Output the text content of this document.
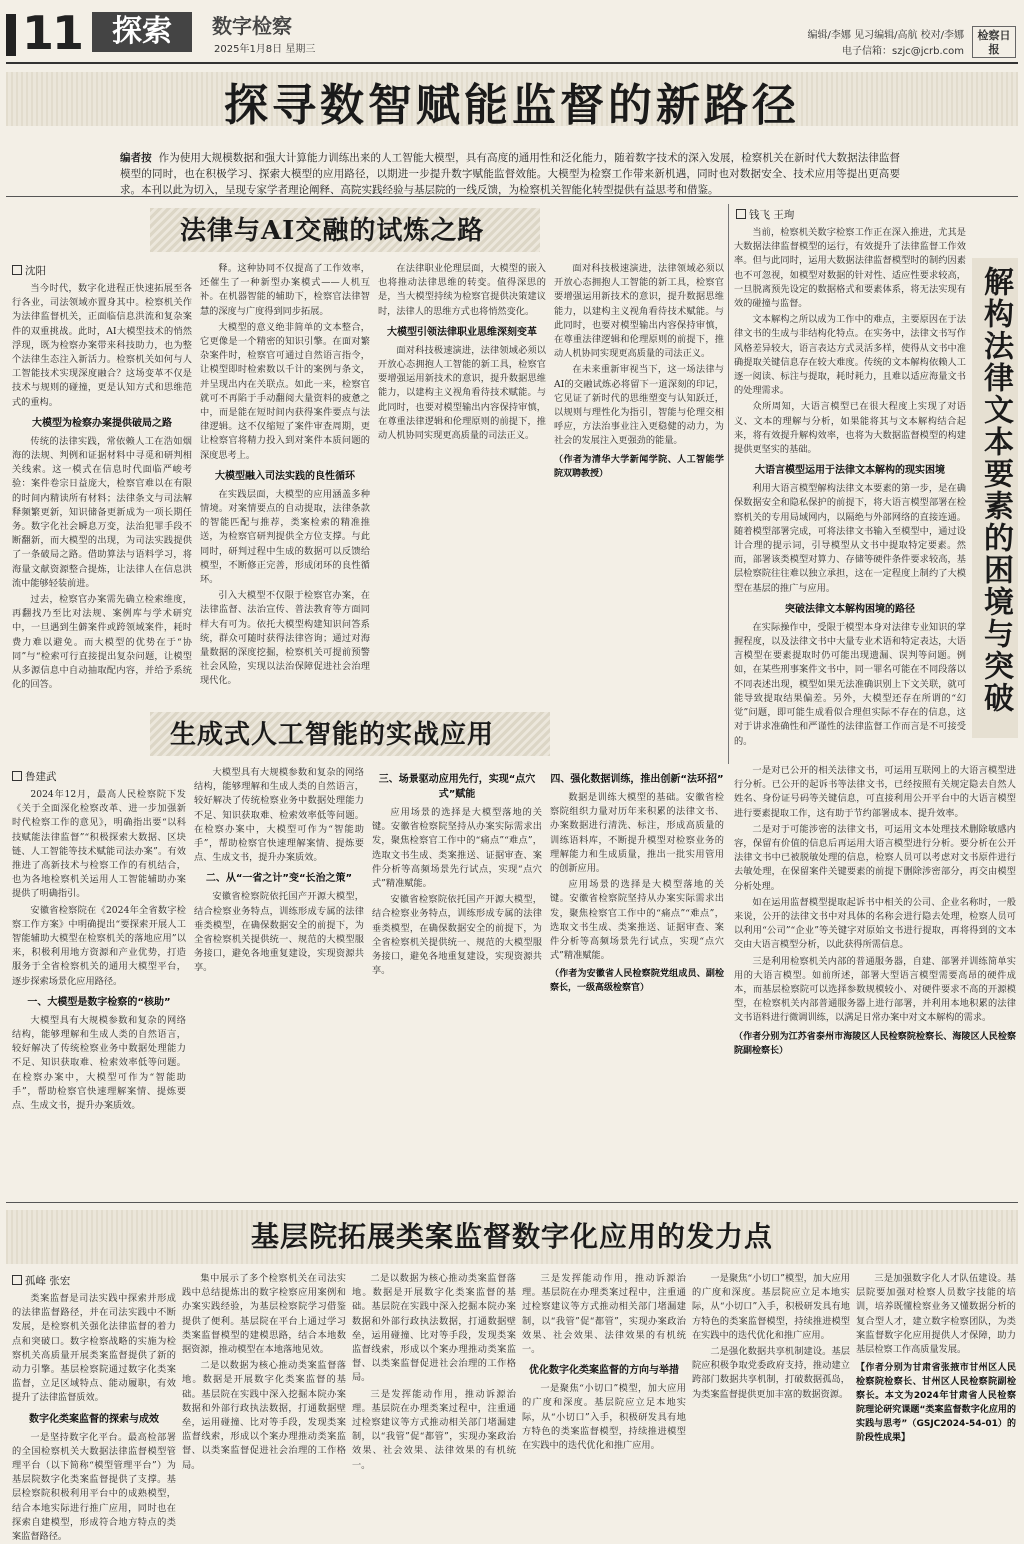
11 探索	数字检察
2025年1月8日 星期三
编辑/李娜 见习编辑/高航 校对/李娜
电子信箱：szjc@jcrb.com
检察日报
探寻数智赋能监督的新路径
编者按 作为使用大规模数据和强大计算能力训练出来的人工智能大模型，具有高度的通用性和泛化能力，随着数字技术的深入发展，检察机关在新时代大数据法律监督模型的同时，也在积极学习、探索大模型的应用路径，以期进一步提升数字赋能监督效能。大模型为检察工作带来新机遇，同时也对数据安全、技术应用等提出更高要求。本刊以此为切入，呈现专家学者理论阐释、高院实践经验与基层院的一线反馈，为检察机关智能化转型提供有益思考和借鉴。
法律与AI交融的试炼之路
沈阳

当今时代，数字化进程正快速拓展至各行各业，司法领域亦置身其中。检察机关作为法律监督机关，正面临信息洪流和复杂案件的双重挑战。此时，AI大模型技术的悄然浮现，既为检察办案带来科技助力，也为整个法律生态注入新活力。检察机关如何与人工智能技术实现深度融合？这场变革不仅是技术与规则的碰撞，更是认知方式和思维范式的重构。

大模型为检察办案提供破局之路

传统的法律实践，常依赖人工在浩如烟海的法规、判例和证据材料中寻觅和研判相关线索。这一模式在信息时代面临严峻考验：案件卷宗日益庞大，检察官难以在有限的时间内精读所有材料；法律条文与司法解释频繁更新，知识储备更新成为一项长期任务。数字化社会瞬息万变，法治犯罪手段不断翻新，而大模型的出现，为司法实践提供了一条破局之路。借助算法与语料学习，将海量文献资源整合提炼，让法律人在信息洪流中能够轻装前进。

过去，检察官办案需先确立检索维度，再翻找乃至比对法规、案例库与学术研究中，一旦遇到生僻案件或跨领域案件，耗时费力难以避免。而大模型的优势在于“协同”与“检索可行直接提出复杂问题，让模型从多源信息中自动抽取配内容，并给予系统化的回答。

释。这种协同不仅提高了工作效率，还催生了一种新型办案模式——人机互补。在机器智能的辅助下，检察官法律智慧的深度与广度得到同步拓展。

大模型的意义绝非简单的文本整合，它更像是一个精密的知识引擎。在面对繁杂案件时，检察官可通过自然语言指令，让模型即时检索数以千计的案例与条文，并呈现出内在关联点。如此一来，检察官就可不再陷于手动翻阅大量资料的疲惫之中，而是能在短时间内获得案件要点与法律逻辑。这不仅缩短了案件审查周期，更让检察官将精力投入到对案件本质问题的深度思考上。

大模型融入司法实践的良性循环

在实践层面，大模型的应用涵盖多种情境。对案情要点的自动提取，法律条款的智能匹配与推荐，类案检索的精准推送，为检察官研判提供全方位支撑。与此同时，研判过程中生成的数据可以反馈给模型，不断修正完善，形成闭环的良性循环。

引入大模型不仅限于检察官办案，在法律监督、法治宣传、普法教育等方面同样大有可为。依托大模型构建知识问答系统，群众可随时获得法律咨询；通过对海量数据的深度挖掘，检察机关可提前预警社会风险，实现以法治保障促进社会治理现代化。

在法律职业伦理层面，大模型的嵌入也将推动法律思维的转变。值得深思的是，当大模型持续为检察官提供决策建议时，法律人的思维方式也将悄然变化。

大模型引领法律职业思维深刻变革

面对科技极速演进，法律领域必须以开放心态拥抱人工智能的新工具，检察官要增强运用新技术的意识，提升数据思维能力，以建构主义视角看待技术赋能。与此同时，也要对模型输出内容保持审慎，在尊重法律逻辑和伦理原则的前提下，推动人机协同实现更高质量的司法正义。

面对科技极速演进，法律领域必须以开放心态拥抱人工智能的新工具，检察官要增强运用新技术的意识，提升数据思维能力，以建构主义视角看待技术赋能。与此同时，也要对模型输出内容保持审慎，在尊重法律逻辑和伦理原则的前提下，推动人机协同实现更高质量的司法正义。

在未来重新审视当下，这一场法律与AI的交融试炼必将留下一道深刻的印记，它见证了新时代的思维塑变与认知跃迁，以规则与理性化为指引，智能与伦理交相呼应，方法治事业注入更稳健的动力，为社会的发展注入更强劲的能量。

（作者为清华大学新闻学院、人工智能学院双聘教授）
钱飞 王珣
解构法律文本要素的困境与突破

当前，检察机关数字检察工作正在深入推进，尤其是大数据法律监督模型的运行，有效提升了法律监督工作效率。但与此同时，运用大数据法律监督模型时的制约因素也不可忽视，如模型对数据的针对性、适应性要求较高，一旦脱离预先设定的数据格式和要素体系，将无法实现有效的碰撞与监督。

文本解构之所以成为工作中的难点，主要原因在于法律文书的生成与非结构化特点。在实务中，法律文书写作风格差异较大，语言表达方式灵活多样，使得从文书中准确提取关键信息存在较大难度。传统的文本解构依赖人工逐一阅读、标注与提取，耗时耗力，且难以适应海量文书的处理需求。

众所周知，大语言模型已在很大程度上实现了对语义、文本的理解与分析，如果能将其与文本解构结合起来，将有效提升解构效率，也将为大数据监督模型的构建提供更坚实的基础。

大语言模型运用于法律文本解构的现实困境

利用大语言模型解构法律文本要素的第一步，是在确保数据安全和隐私保护的前提下，将大语言模型部署在检察机关的专用局域网内，以隔绝与外部网络的直接连通。随着模型部署完成，可将法律文书输入至模型中，通过设计合理的提示词，引导模型从文书中提取特定要素。然而，部署该类模型对算力、存储等硬件条件要求较高，基层检察院往往难以独立承担，这在一定程度上制约了大模型在基层的推广与应用。

突破法律文本解构困境的路径

在实际操作中，受限于模型本身对法律专业知识的掌握程度，以及法律文书中大量专业术语和特定表达，大语言模型在要素提取时仍可能出现遗漏、误判等问题。例如，在某些刑事案件文书中，同一罪名可能在不同段落以不同表述出现，模型如果无法准确识别上下文关联，就可能导致提取结果偏差。另外，大模型还存在所谓的“幻觉”问题，即可能生成看似合理但实际不存在的信息，这对于讲求准确性和严谨性的法律监督工作而言是不可接受的。

一是对已公开的相关法律文书，可运用互联网上的大语言模型进行分析。已公开的起诉书等法律文书，已经按照有关规定隐去自然人姓名、身份证号码等关键信息，可直接利用公开平台中的大语言模型进行要素提取工作，这有助于节约部署成本、提升效率。

二是对于可能涉密的法律文书，可运用文本处理技术删除敏感内容，保留有价值的信息后再运用大语言模型进行分析。要分析在公开法律文书中已被脱敏处理的信息，检察人员可以考虑对文书原件进行去敏处理，在保留案件关键要素的前提下删除涉密部分，再交由模型分析处理。

如在运用监督模型提取起诉书中相关的公司、企业名称时，一般来说，公开的法律文书中对具体的名称会进行隐去处理，检察人员可以利用“公司”“企业”等关键字对原始文书进行提取，再将得到的文本交由大语言模型分析，以此获得所需信息。

三是利用检察机关内部的普通服务器，自建、部署并训练简单实用的大语言模型。如前所述，部署大型语言模型需要高昂的硬件成本，而基层检察院可以选择参数规模较小、对硬件要求不高的开源模型，在检察机关内部普通服务器上进行部署，并利用本地积累的法律文书语料进行微调训练，以满足日常办案中对文本解构的需求。

（作者分别为江苏省泰州市海陵区人民检察院检察长、海陵区人民检察院副检察长）
生成式人工智能的实战应用
鲁建武

2024年12月，最高人民检察院下发《关于全面深化检察改革、进一步加强新时代检察工作的意见》，明确指出要“以科技赋能法律监督”“积极探索大数据、区块链、人工智能等技术赋能司法办案”。有效推进了高新技术与检察工作的有机结合，也为各地检察机关运用人工智能辅助办案提供了明确指引。

安徽省检察院在《2024年全省数字检察工作方案》中明确提出“要探索开展人工智能辅助大模型在检察机关的落地应用”以来，积极利用地方资源和产业优势，打造服务于全省检察机关的通用大模型平台，逐步探索场景化应用路径。

一、大模型是数字检察的“核助”

大模型具有大规模参数和复杂的网络结构，能够理解和生成人类的自然语言，较好解决了传统检察业务中数据处理能力不足、知识获取难、检索效率低等问题。在检察办案中，大模型可作为“智能助手”，帮助检察官快速理解案情、提炼要点、生成文书，提升办案质效。

大模型具有大规模参数和复杂的网络结构，能够理解和生成人类的自然语言，较好解决了传统检察业务中数据处理能力不足、知识获取难、检索效率低等问题。在检察办案中，大模型可作为“智能助手”，帮助检察官快速理解案情、提炼要点、生成文书，提升办案质效。

二、从“一省之计”变“长治之策”

安徽省检察院依托国产开源大模型，结合检察业务特点，训练形成专属的法律垂类模型，在确保数据安全的前提下，为全省检察机关提供统一、规范的大模型服务接口，避免各地重复建设，实现资源共享。

三、场景驱动应用先行，实现“点穴式”赋能

应用场景的选择是大模型落地的关键。安徽省检察院坚持从办案实际需求出发，聚焦检察官工作中的“痛点”“难点”，选取文书生成、类案推送、证据审查、案件分析等高频场景先行试点，实现“点穴式”精准赋能。

安徽省检察院依托国产开源大模型，结合检察业务特点，训练形成专属的法律垂类模型，在确保数据安全的前提下，为全省检察机关提供统一、规范的大模型服务接口，避免各地重复建设，实现资源共享。

四、强化数据训练，推出创新“法环招”

数据是训练大模型的基础。安徽省检察院组织力量对历年来积累的法律文书、办案数据进行清洗、标注，形成高质量的训练语料库，不断提升模型对检察业务的理解能力和生成质量，推出一批实用管用的创新应用。

应用场景的选择是大模型落地的关键。安徽省检察院坚持从办案实际需求出发，聚焦检察官工作中的“痛点”“难点”，选取文书生成、类案推送、证据审查、案件分析等高频场景先行试点，实现“点穴式”精准赋能。

（作者为安徽省人民检察院党组成员、副检察长，一级高级检察官）
基层院拓展类案监督数字化应用的发力点
孤峰 张宏

类案监督是司法实践中探索并形成的法律监督路径，并在司法实践中不断发展，是检察机关强化法律监督的着力点和突破口。数字检察战略的实施为检察机关高质量开展类案监督提供了新的动力引擎。基层检察院通过数字化类案监督，立足区域特点、能动履职，有效提升了法律监督质效。

数字化类案监督的探索与成效

一是坚持数字化平台。最高检部署的全国检察机关大数据法律监督模型管理平台（以下简称“模型管理平台”）为基层院数字化类案监督提供了支撑。基层检察院积极利用平台中的成熟模型，结合本地实际进行推广应用，同时也在探索自建模型，形成符合地方特点的类案监督路径。

集中展示了多个检察机关在司法实践中总结提炼出的数字检察应用案例和办案实践经验，为基层检察院学习借鉴提供了便利。基层院在平台上通过学习类案监督模型的建模思路，结合本地数据资源，推动模型在本地落地见效。

二是以数据为核心推动类案监督落地。数据是开展数字化类案监督的基础。基层院在实践中深入挖掘本院办案数据和外部行政执法数据，打通数据壁垒，运用碰撞、比对等手段，发现类案监督线索，形成以个案办理推动类案监督、以类案监督促进社会治理的工作格局。

二是以数据为核心推动类案监督落地。数据是开展数字化类案监督的基础。基层院在实践中深入挖掘本院办案数据和外部行政执法数据，打通数据壁垒，运用碰撞、比对等手段，发现类案监督线索，形成以个案办理推动类案监督、以类案监督促进社会治理的工作格局。

三是发挥能动作用，推动诉源治理。基层院在办理类案过程中，注重通过检察建议等方式推动相关部门堵漏建制，以“我管”促“都管”，实现办案政治效果、社会效果、法律效果的有机统一。

三是发挥能动作用，推动诉源治理。基层院在办理类案过程中，注重通过检察建议等方式推动相关部门堵漏建制，以“我管”促“都管”，实现办案政治效果、社会效果、法律效果的有机统一。

优化数字化类案监督的方向与举措

一是聚焦“小切口”模型，加大应用的广度和深度。基层院应立足本地实际，从“小切口”入手，积极研发具有地方特色的类案监督模型，持续推进模型在实践中的迭代优化和推广应用。

一是聚焦“小切口”模型，加大应用的广度和深度。基层院应立足本地实际，从“小切口”入手，积极研发具有地方特色的类案监督模型，持续推进模型在实践中的迭代优化和推广应用。

二是强化数据共享机制建设。基层院应积极争取党委政府支持，推动建立跨部门数据共享机制，打破数据孤岛，为类案监督提供更加丰富的数据资源。

三是加强数字化人才队伍建设。基层院要加强对检察人员数字技能的培训，培养既懂检察业务又懂数据分析的复合型人才，建立数字检察团队，为类案监督数字化应用提供人才保障，助力基层检察工作高质量发展。

【作者分别为甘肃省张掖市甘州区人民检察院检察长、甘州区人民检察院副检察长。本文为2024年甘肃省人民检察院理论研究课题“类案监督数字化应用的实践与思考”（GSJC2024-54-01）的阶段性成果】
